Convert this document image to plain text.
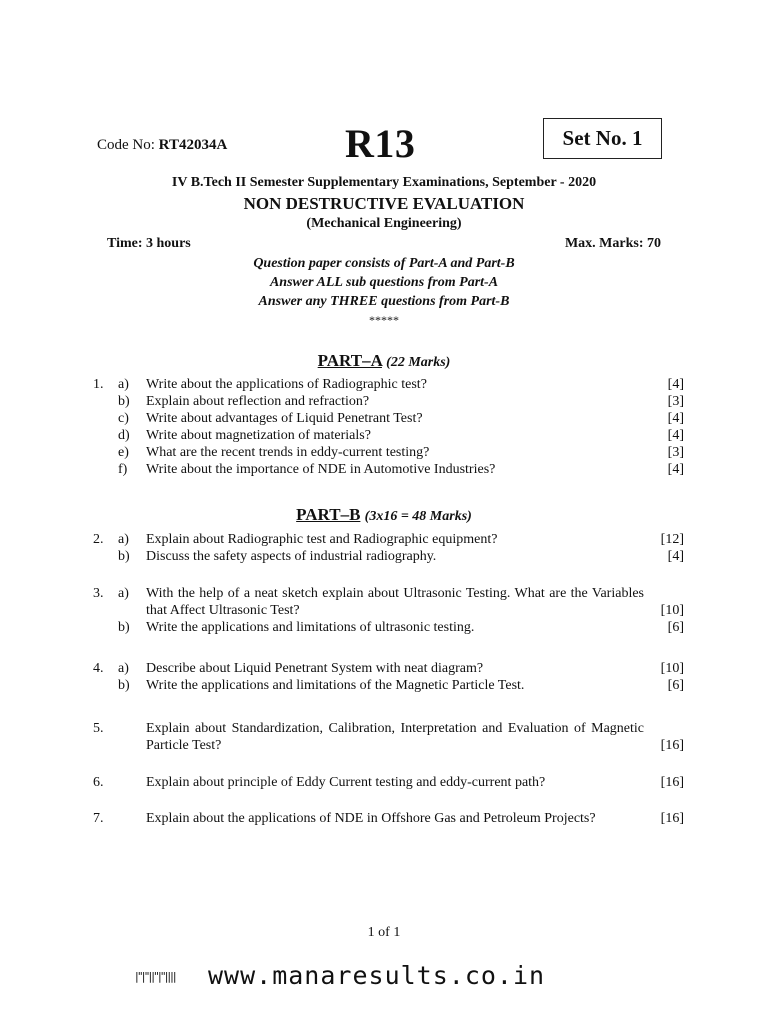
Code No: RT42034A	R13	Set No. 1
IV B.Tech II Semester Supplementary Examinations, September - 2020
NON DESTRUCTIVE EVALUATION
(Mechanical Engineering)
Time: 3 hours	Max. Marks: 70
Question paper consists of Part-A and Part-B
Answer ALL sub questions from Part-A
Answer any THREE questions from Part-B
*****
PART–A (22 Marks)
1. a) Write about the applications of Radiographic test?	[4]
b) Explain about reflection and refraction?	[3]
c) Write about advantages of Liquid Penetrant Test?	[4]
d) Write about magnetization of materials?	[4]
e) What are the recent trends in eddy-current testing?	[3]
f) Write about the importance of NDE in Automotive Industries?	[4]
PART–B (3x16 = 48 Marks)
2. a) Explain about Radiographic test and Radiographic equipment?	[12]
b) Discuss the safety aspects of industrial radiography.	[4]
3. a) With the help of a neat sketch explain about Ultrasonic Testing. What are the Variables that Affect Ultrasonic Test?	[10]
b) Write the applications and limitations of ultrasonic testing.	[6]
4. a) Describe about Liquid Penetrant System with neat diagram?	[10]
b) Write the applications and limitations of the Magnetic Particle Test.	[6]
5.	Explain about Standardization, Calibration, Interpretation and Evaluation of Magnetic Particle Test?	[16]
6.	Explain about principle of Eddy Current testing and eddy-current path?	[16]
7.	Explain about the applications of NDE in Offshore Gas and Petroleum Projects?	[16]
1 of 1
|''|''||''|''|||| www.manaresults.co.in
